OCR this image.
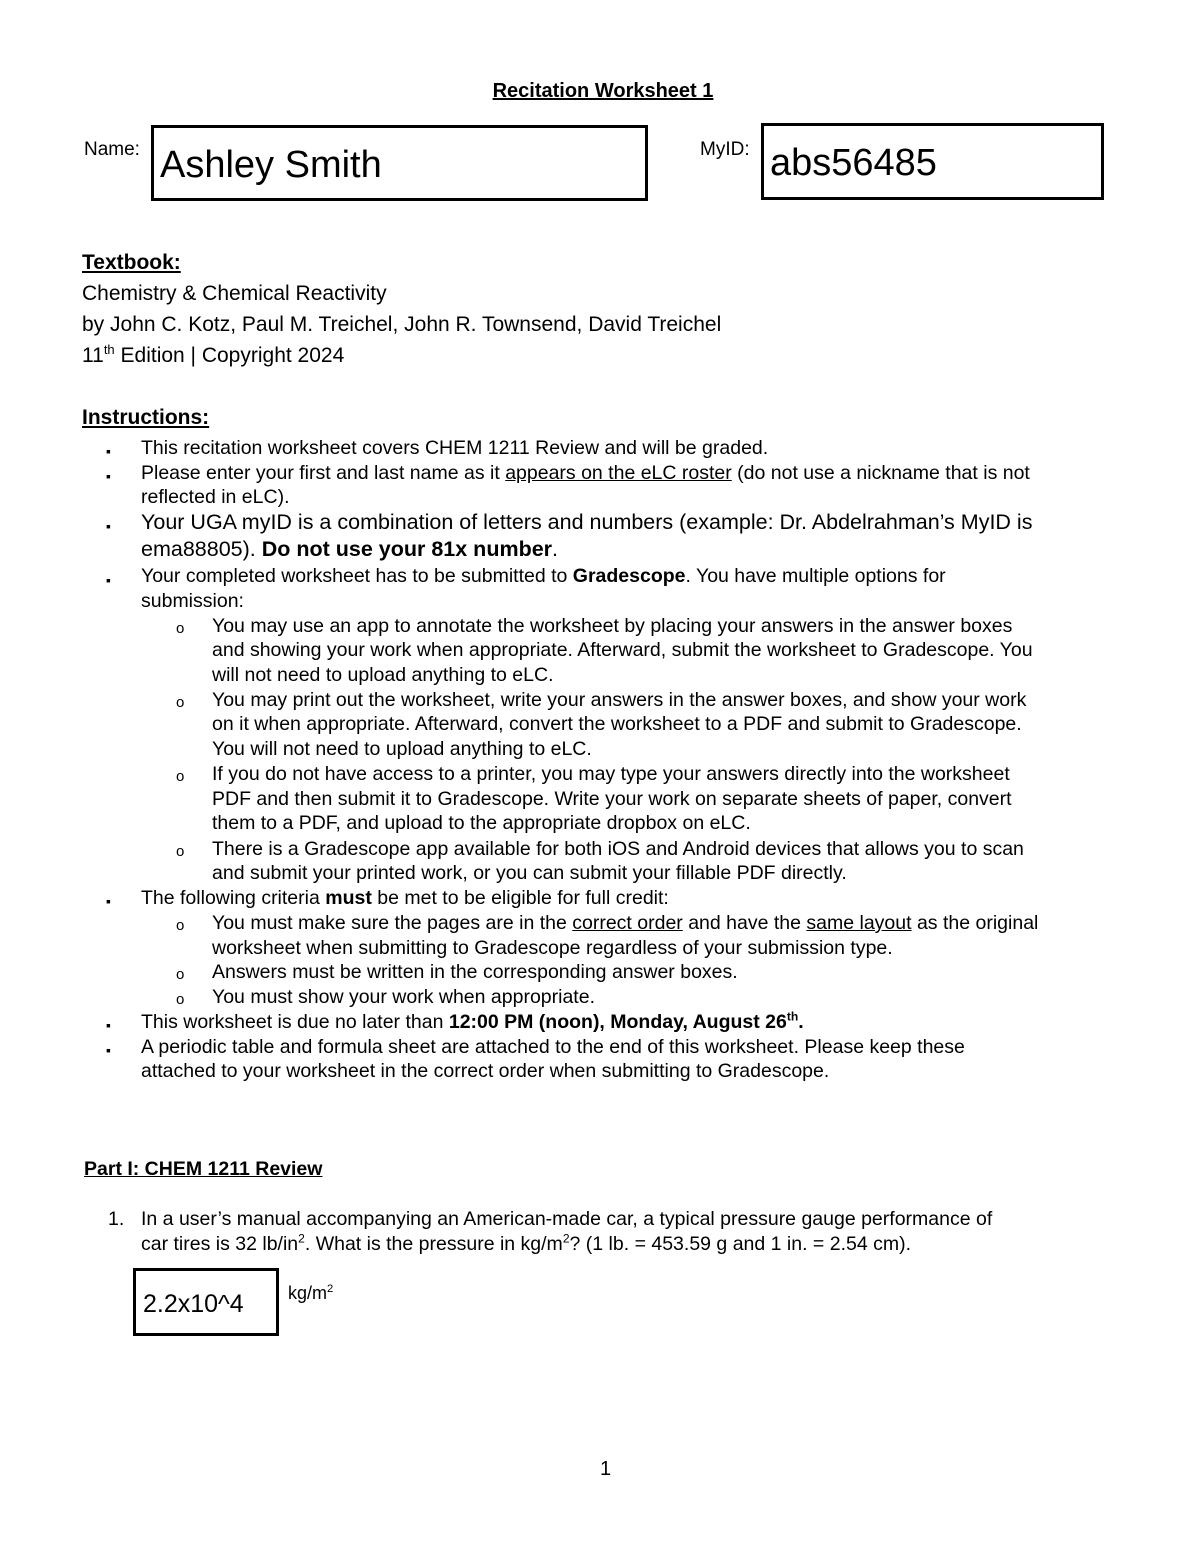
Recitation Worksheet 1
Name: Ashley Smith	MyID: abs56485
Textbook:
Chemistry & Chemical Reactivity
by John C. Kotz, Paul M. Treichel, John R. Townsend, David Treichel
11th Edition | Copyright 2024
Instructions:
▪ This recitation worksheet covers CHEM 1211 Review and will be graded.
▪ Please enter your first and last name as it appears on the eLC roster (do not use a nickname that is not
reflected in eLC).
▪ Your UGA myID is a combination of letters and numbers (example: Dr. Abdelrahman’s MyID is
ema88805). Do not use your 81x number.
▪ Your completed worksheet has to be submitted to Gradescope. You have multiple options for
submission:
o You may use an app to annotate the worksheet by placing your answers in the answer boxes
and showing your work when appropriate. Afterward, submit the worksheet to Gradescope. You
will not need to upload anything to eLC.
o You may print out the worksheet, write your answers in the answer boxes, and show your work
on it when appropriate. Afterward, convert the worksheet to a PDF and submit to Gradescope.
You will not need to upload anything to eLC.
o If you do not have access to a printer, you may type your answers directly into the worksheet
PDF and then submit it to Gradescope. Write your work on separate sheets of paper, convert
them to a PDF, and upload to the appropriate dropbox on eLC.
o There is a Gradescope app available for both iOS and Android devices that allows you to scan
and submit your printed work, or you can submit your fillable PDF directly.
▪ The following criteria must be met to be eligible for full credit:
o You must make sure the pages are in the correct order and have the same layout as the original
worksheet when submitting to Gradescope regardless of your submission type.
o Answers must be written in the corresponding answer boxes.
o You must show your work when appropriate.
▪ This worksheet is due no later than 12:00 PM (noon), Monday, August 26th.
▪ A periodic table and formula sheet are attached to the end of this worksheet. Please keep these
attached to your worksheet in the correct order when submitting to Gradescope.
Part I: CHEM 1211 Review
1. In a user’s manual accompanying an American-made car, a typical pressure gauge performance of
car tires is 32 $lb/in^2$. What is the pressure in $kg/m^2$? (1 lb. = 453.59 g and 1 in. = 2.54 cm).
2.2x10^4 $kg/m^2$
1
